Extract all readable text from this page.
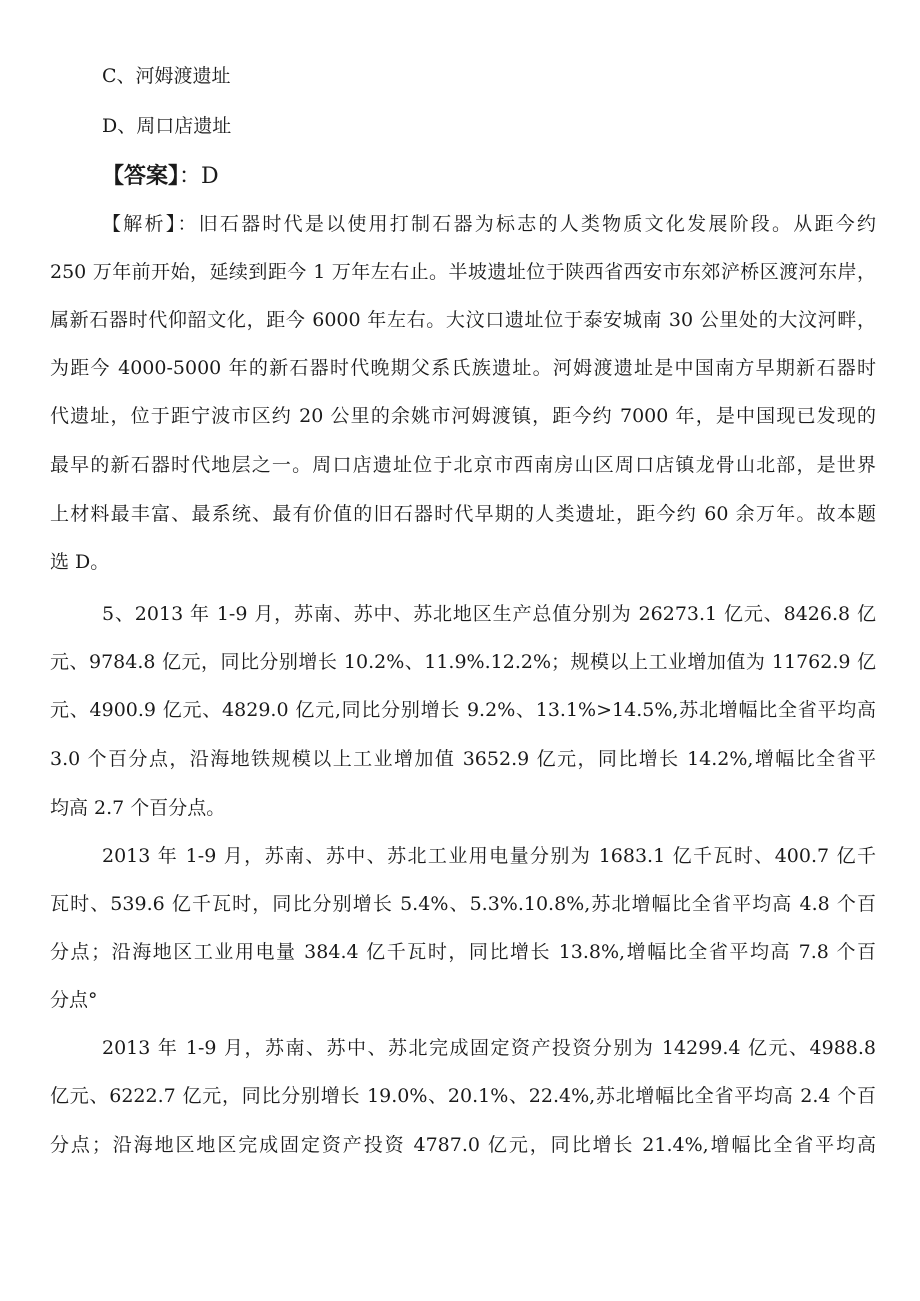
C、河姆渡遗址
D、周口店遗址
【答案】：D
【解析】：旧石器时代是以使用打制石器为标志的人类物质文化发展阶段。从距今约
250 万年前开始，延续到距今 1 万年左右止。半坡遗址位于陕西省西安市东郊浐桥区渡河东岸，
属新石器时代仰韶文化，距今 6000 年左右。大汶口遗址位于泰安城南 30 公里处的大汶河畔，
为距今 4000-5000 年的新石器时代晚期父系氏族遗址。河姆渡遗址是中国南方早期新石器时
代遗址，位于距宁波市区约 20 公里的余姚市河姆渡镇，距今约 7000 年，是中国现已发现的
最早的新石器时代地层之一。周口店遗址位于北京市西南房山区周口店镇龙骨山北部，是世界
上材料最丰富、最系统、最有价值的旧石器时代早期的人类遗址，距今约 60 余万年。故本题
选 D。
5、2013 年 1-9 月，苏南、苏中、苏北地区生产总值分别为 26273.1 亿元、8426.8 亿
元、9784.8 亿元，同比分别增长 10.2%、11.9%.12.2%；规模以上工业增加值为 11762.9 亿
元、4900.9 亿元、4829.0 亿元,同比分别增长 9.2%、13.1%>14.5%,苏北增幅比全省平均高
3.0 个百分点，沿海地铁规模以上工业增加值 3652.9 亿元，同比增长 14.2%,增幅比全省平
均高 2.7 个百分点。
2013 年 1-9 月，苏南、苏中、苏北工业用电量分别为 1683.1 亿千瓦时、400.7 亿千
瓦时、539.6 亿千瓦时，同比分别增长 5.4%、5.3%.10.8%,苏北增幅比全省平均高 4.8 个百
分点；沿海地区工业用电量 384.4 亿千瓦时，同比增长 13.8%,增幅比全省平均高 7.8 个百
分点°
2013 年 1-9 月，苏南、苏中、苏北完成固定资产投资分别为 14299.4 亿元、4988.8
亿元、6222.7 亿元，同比分别增长 19.0%、20.1%、22.4%,苏北增幅比全省平均高 2.4 个百
分点；沿海地区地区完成固定资产投资 4787.0 亿元，同比增长 21.4%,增幅比全省平均高
